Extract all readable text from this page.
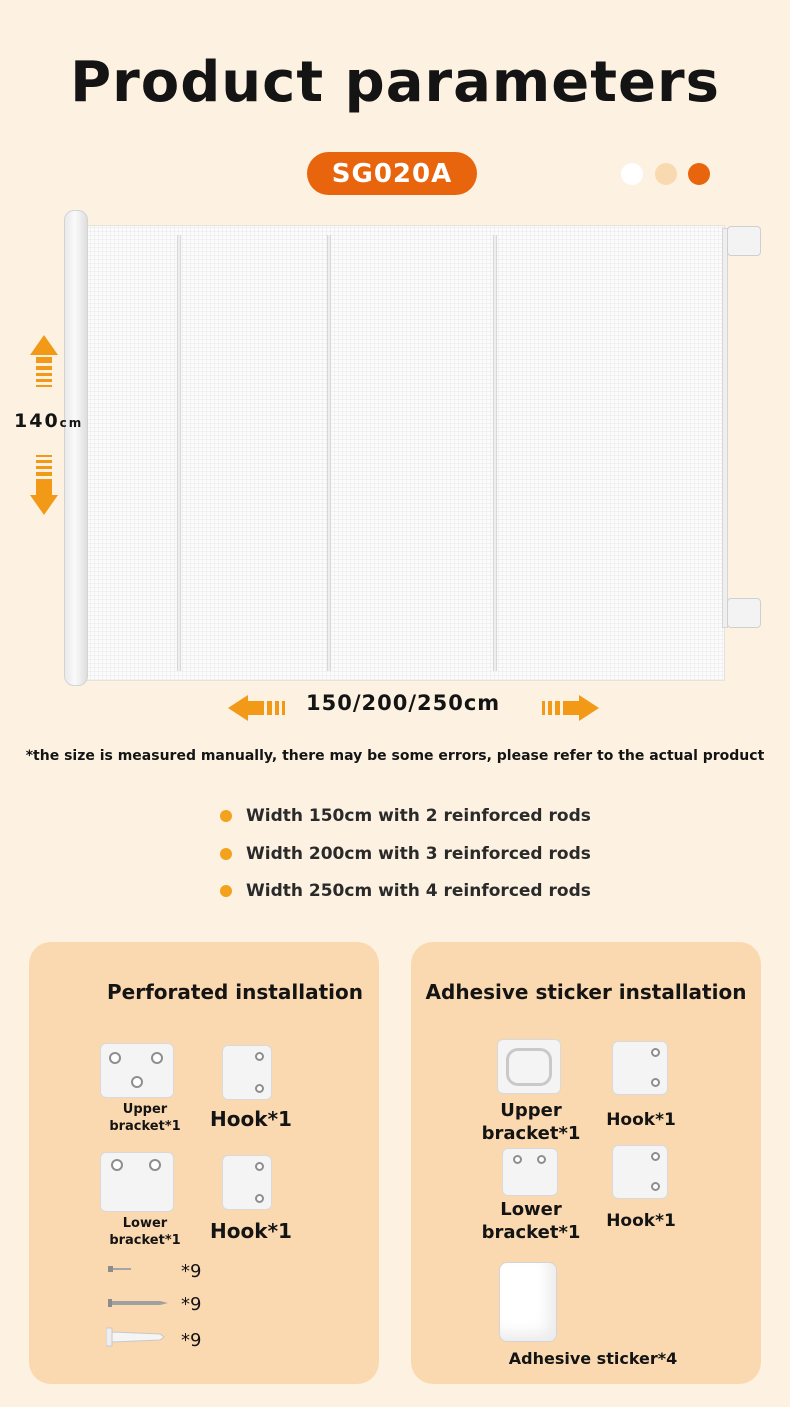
Product parameters
SG020A
140cm
150/200/250cm
*the size is measured manually, there may be some errors, please refer to the actual product
Width 150cm with 2 reinforced rods
Width 200cm with 3 reinforced rods
Width 250cm with 4 reinforced rods
Perforated installation
Upper bracket*1	Hook*1
Lower bracket*1	Hook*1
*9
*9
*9
Adhesive sticker installation
Upper bracket*1
Hook*1
Lower bracket*1
Hook*1
Adhesive sticker*4
